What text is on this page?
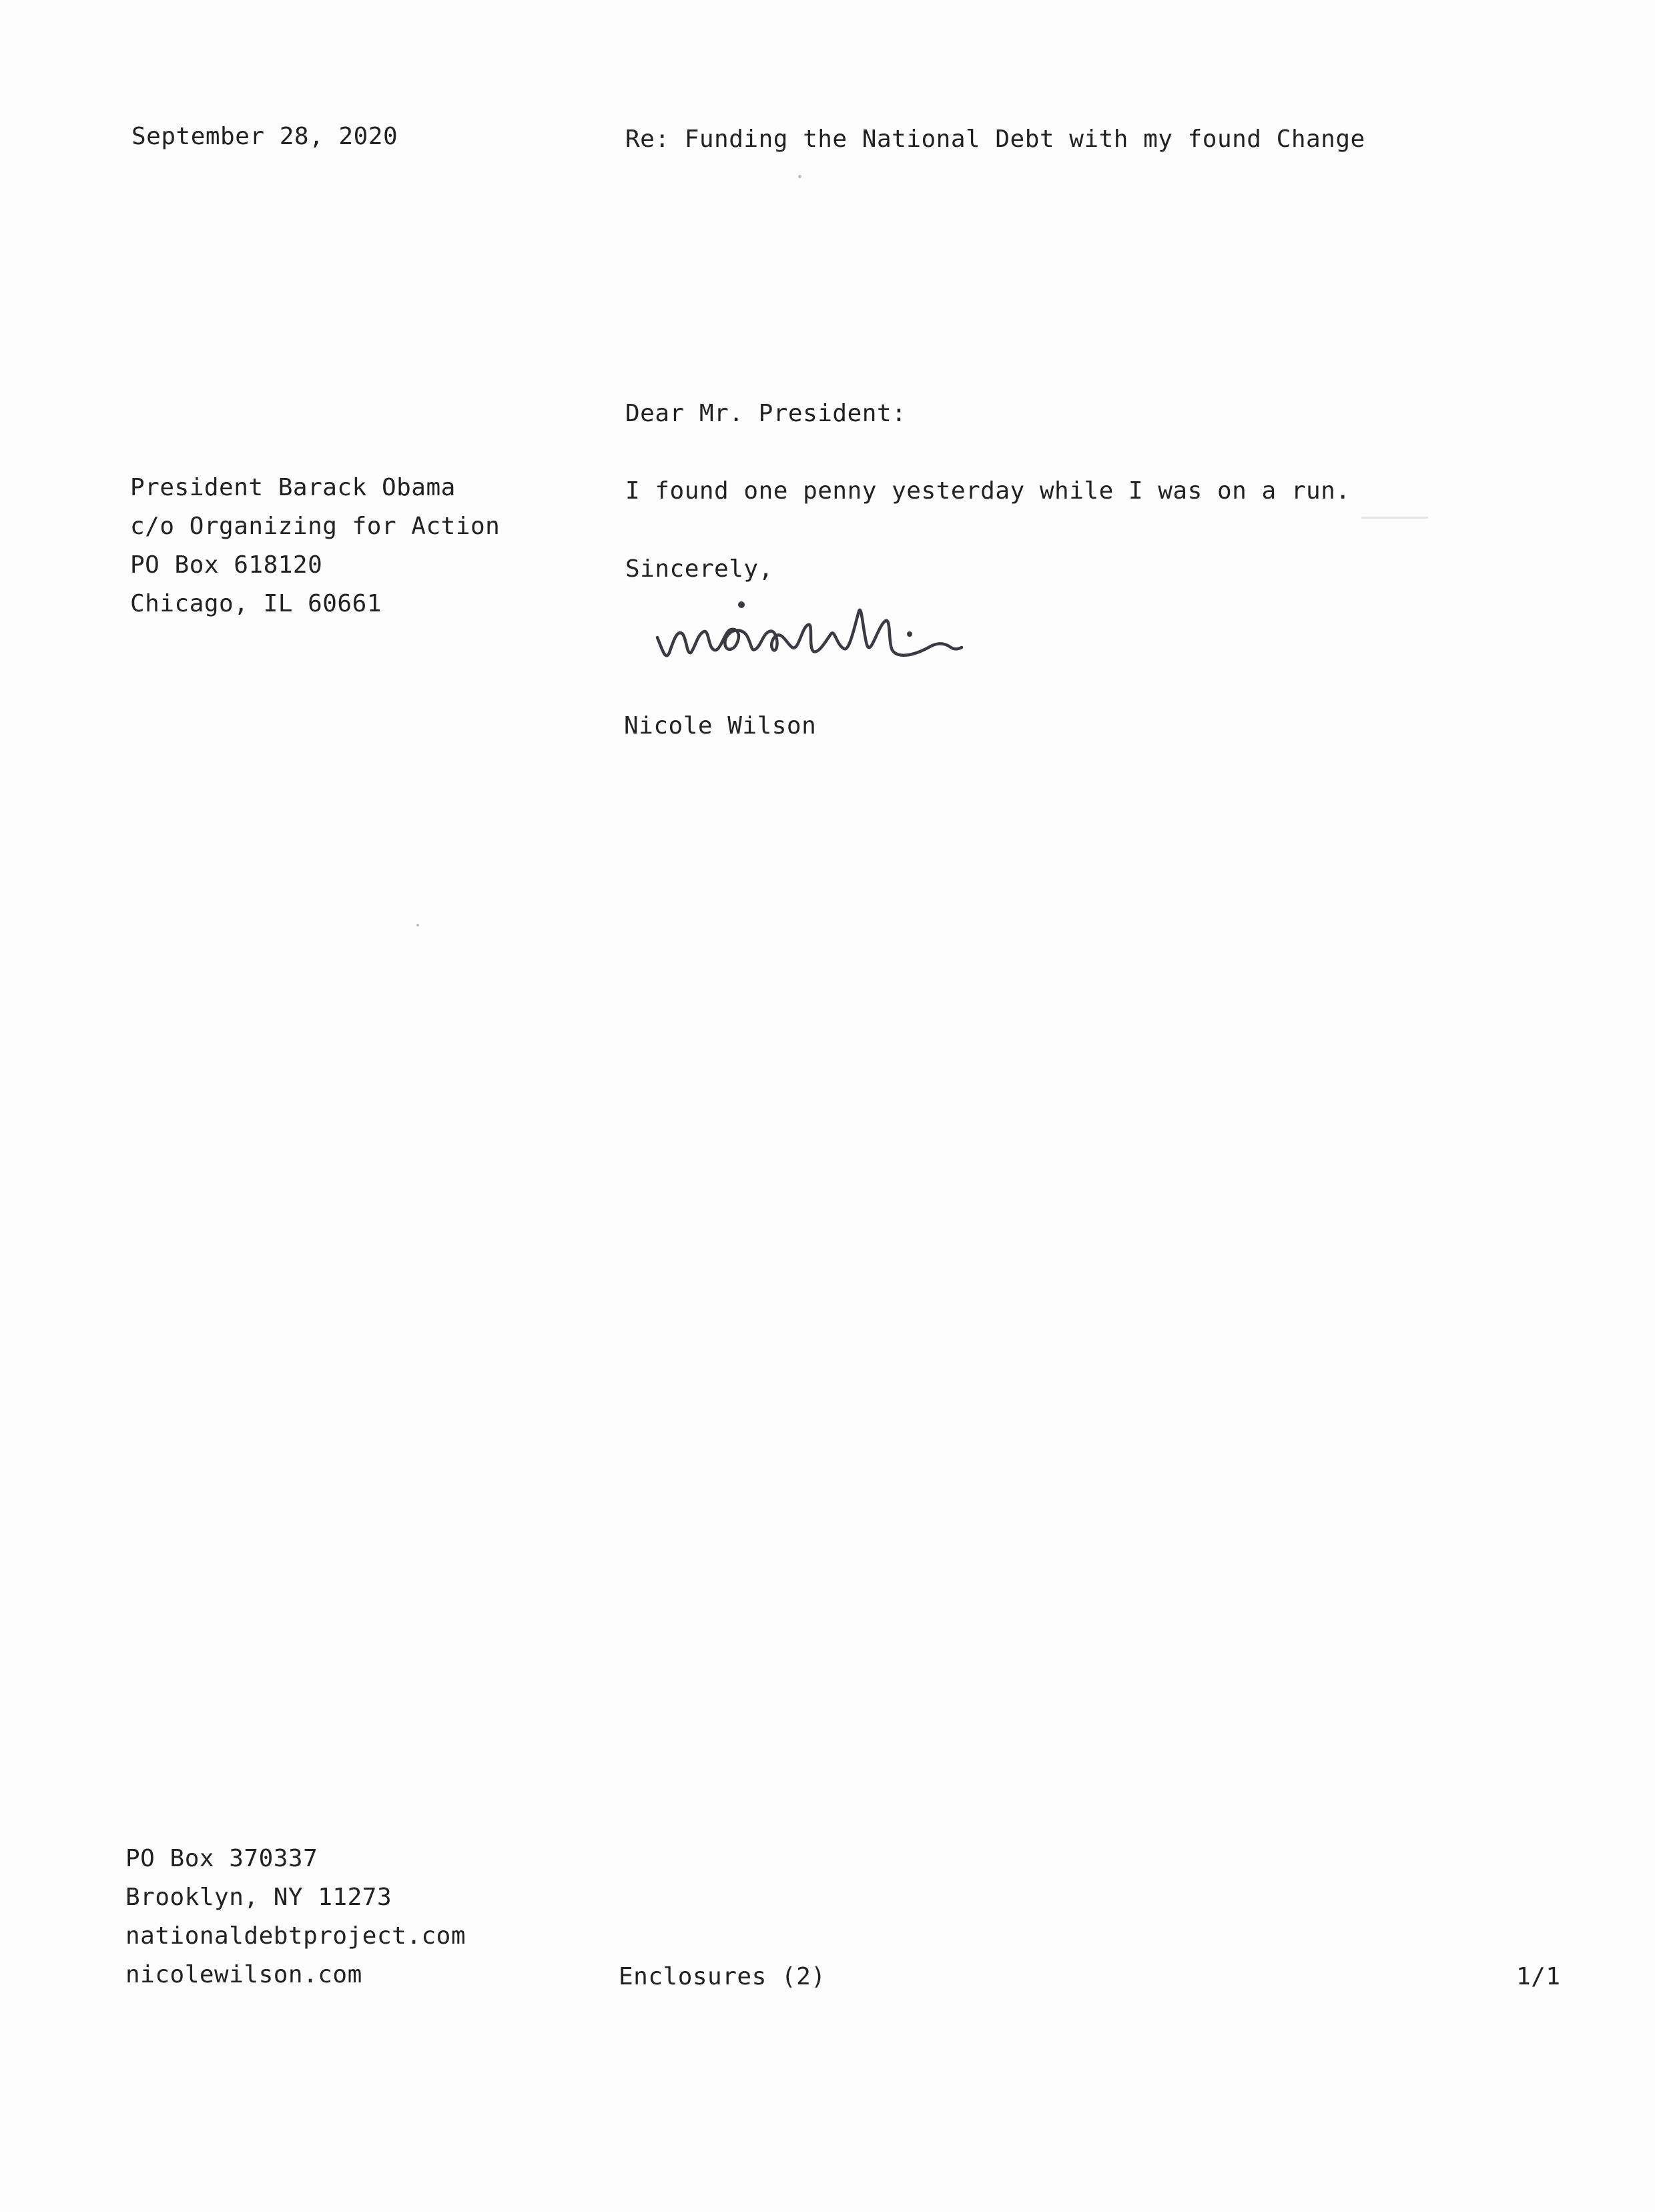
September 28, 2020	Re: Funding the National Debt with my found Change
Dear Mr. President:
President Barack Obama
c/o Organizing for Action
PO Box 618120
Chicago, IL 60661
I found one penny yesterday while I was on a run.
Sincerely,
Nicole Wilson
PO Box 370337
Brooklyn, NY 11273
nationaldebtproject.com
nicolewilson.com	Enclosures (2)	1/1
